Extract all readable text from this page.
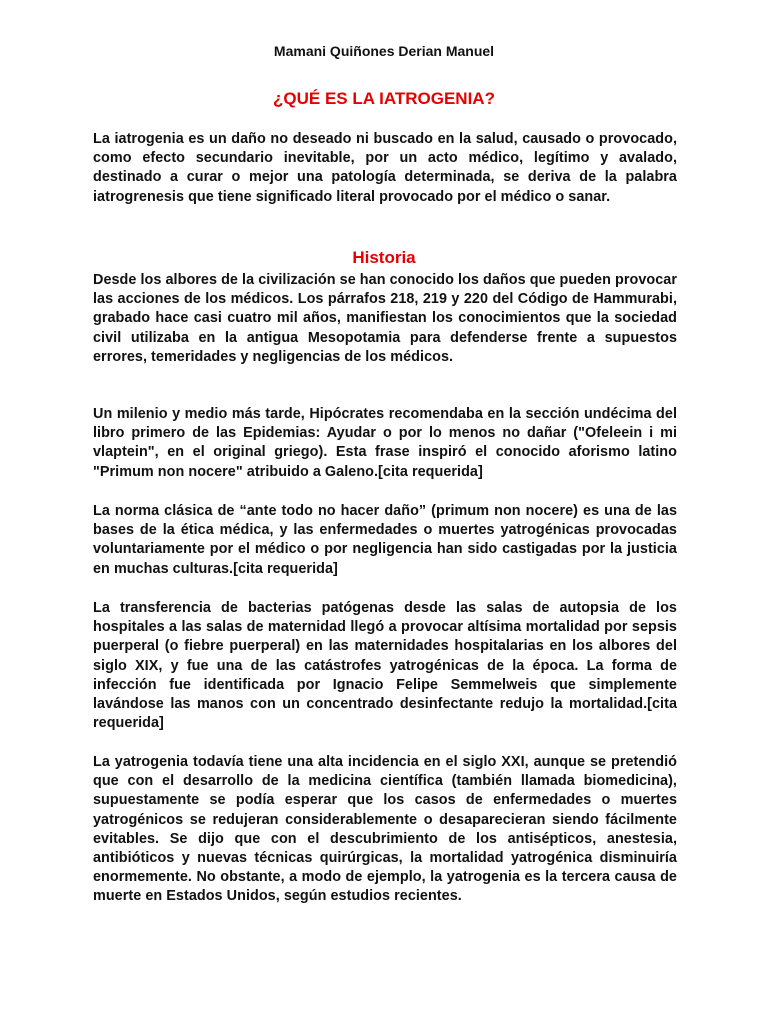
Mamani Quiñones Derian Manuel
¿QUÉ ES LA IATROGENIA?
La iatrogenia es un daño no deseado ni buscado en la salud, causado o provocado, como efecto secundario inevitable, por un acto médico, legítimo y avalado, destinado a curar o mejor una patología determinada, se deriva de la palabra iatrogrenesis que tiene significado literal provocado por el médico o sanar.
Historia
Desde los albores de la civilización se han conocido los daños que pueden provocar las acciones de los médicos. Los párrafos 218, 219 y 220 del Código de Hammurabi, grabado hace casi cuatro mil años, manifiestan los conocimientos que la sociedad civil utilizaba en la antigua Mesopotamia para defenderse frente a supuestos errores, temeridades y negligencias de los médicos.
Un milenio y medio más tarde, Hipócrates recomendaba en la sección undécima del libro primero de las Epidemias: Ayudar o por lo menos no dañar ("Ofeleein i mi vlaptein", en el original griego). Esta frase inspiró el conocido aforismo latino "Primum non nocere" atribuido a Galeno.[cita requerida]
La norma clásica de “ante todo no hacer daño” (primum non nocere) es una de las bases de la ética médica, y las enfermedades o muertes yatrogénicas provocadas voluntariamente por el médico o por negligencia han sido castigadas por la justicia en muchas culturas.[cita requerida]
La transferencia de bacterias patógenas desde las salas de autopsia de los hospitales a las salas de maternidad llegó a provocar altísima mortalidad por sepsis puerperal (o fiebre puerperal) en las maternidades hospitalarias en los albores del siglo XIX, y fue una de las catástrofes yatrogénicas de la época. La forma de infección fue identificada por Ignacio Felipe Semmelweis que simplemente lavándose las manos con un concentrado desinfectante redujo la mortalidad.[cita requerida]
La yatrogenia todavía tiene una alta incidencia en el siglo XXI, aunque se pretendió que con el desarrollo de la medicina científica (también llamada biomedicina), supuestamente se podía esperar que los casos de enfermedades o muertes yatrogénicos se redujeran considerablemente o desaparecieran siendo fácilmente evitables. Se dijo que con el descubrimiento de los antisépticos, anestesia, antibióticos y nuevas técnicas quirúrgicas, la mortalidad yatrogénica disminuiría enormemente. No obstante, a modo de ejemplo, la yatrogenia es la tercera causa de muerte en Estados Unidos, según estudios recientes.
